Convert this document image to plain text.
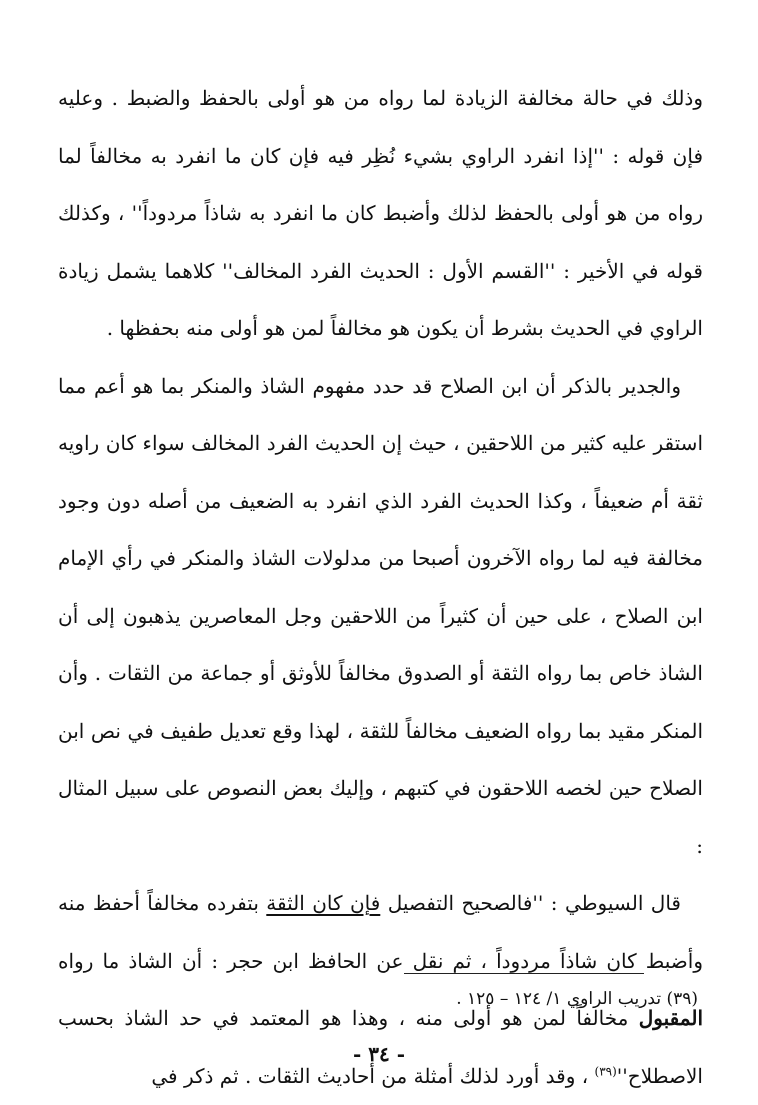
وذلك في حالة مخالفة الزيادة لما رواه من هو أولى بالحفظ والضبط . وعليه فإن قوله : ''إذا انفرد الراوي بشيء نُظِر فيه فإن كان ما انفرد به مخالفاً لما رواه من هو أولى بالحفظ لذلك وأضبط كان ما انفرد به شاذاً مردوداً'' ، وكذلك قوله في الأخير : ''القسم الأول : الحديث الفرد المخالف'' كلاهما يشمل زيادة الراوي في الحديث بشرط أن يكون هو مخالفاً لمن هو أولى منه بحفظها .

والجدير بالذكر أن ابن الصلاح قد حدد مفهوم الشاذ والمنكر بما هو أعم مما استقر عليه كثير من اللاحقين ، حيث إن الحديث الفرد المخالف سواء كان راويه ثقة أم ضعيفاً ، وكذا الحديث الفرد الذي انفرد به الضعيف من أصله دون وجود مخالفة فيه لما رواه الآخرون أصبحا من مدلولات الشاذ والمنكر في رأي الإمام ابن الصلاح ، على حين أن كثيراً من اللاحقين وجل المعاصرين يذهبون إلى أن الشاذ خاص بما رواه الثقة أو الصدوق مخالفاً للأوثق أو جماعة من الثقات . وأن المنكر مقيد بما رواه الضعيف مخالفاً للثقة ، لهذا وقع تعديل طفيف في نص ابن الصلاح حين لخصه اللاحقون في كتبهم ، وإليك بعض النصوص على سبيل المثال :

قال السيوطي : ''فالصحيح التفصيل فإن كان الثقة بتفرده مخالفاً أحفظ منه وأضبط كان شاذاً مردوداً ، ثم نقل عن الحافظ ابن حجر : أن الشاذ ما رواه المقبول مخالفاً لمن هو أولى منه ، وهذا هو المعتمد في حد الشاذ بحسب $الاصطلاح''^{(٣٩)}$ ، وقد أورد لذلك أمثلة من أحاديث الثقات . ثم ذكر في

(٣٩) تدريب الراوي ١/ ١٢٤ – ١٢٥ .
- ٣٤ -
